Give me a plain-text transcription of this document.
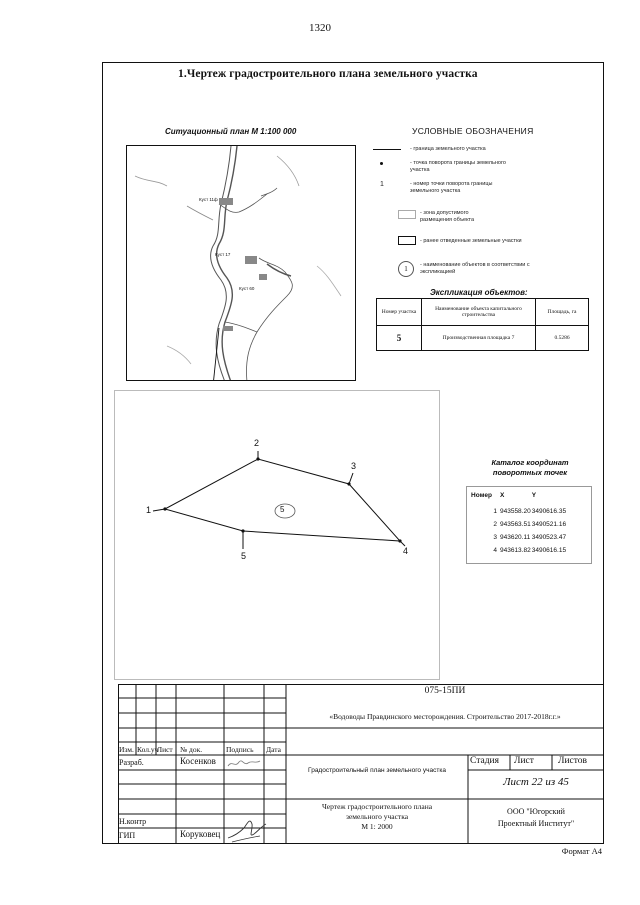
1320
1.Чертеж градостроительного плана земельного участка
Ситуационный план М 1:100 000
Куст 11ф
Куст 17
Куст 60
УСЛОВНЫЕ ОБОЗНАЧЕНИЯ
- граница земельного участка
- точка поворота границы земельного участка
1	- номер точки поворота границы земельного участка
- зона допустимого размещения объекта
- ранее отведенные земельные участки
1	- наименование объектов в соответствии с экспликацией
Экспликация объектов:
Номер участка	Наименование объекта капитального строительства	Площадь, га
5	Производственная площадка 7	0.5286
5
1
2
3
4
5
Каталог координат
поворотных точек
Номер	X	Y
1	943558.20	3490616.35
2	943563.51	3490521.16
3	943620.11	3490523.47
4	943613.82	3490616.15
075-15ПИ
«Водоводы Правдинского месторождения. Строительство 2017-2018г.г.»
Изм. Кол.уч
Лист № док.	Подпись Дата
Разраб.	Косенков
Н.контр
ГИП	Коруковец
Градостроительный план земельного участка
Стадия Лист	Листов
Лист 22 из 45
Чертеж градостроительного плана
земельного участка
М 1: 2000
ООО "Югорский
Проектный Институт"
Формат А4
